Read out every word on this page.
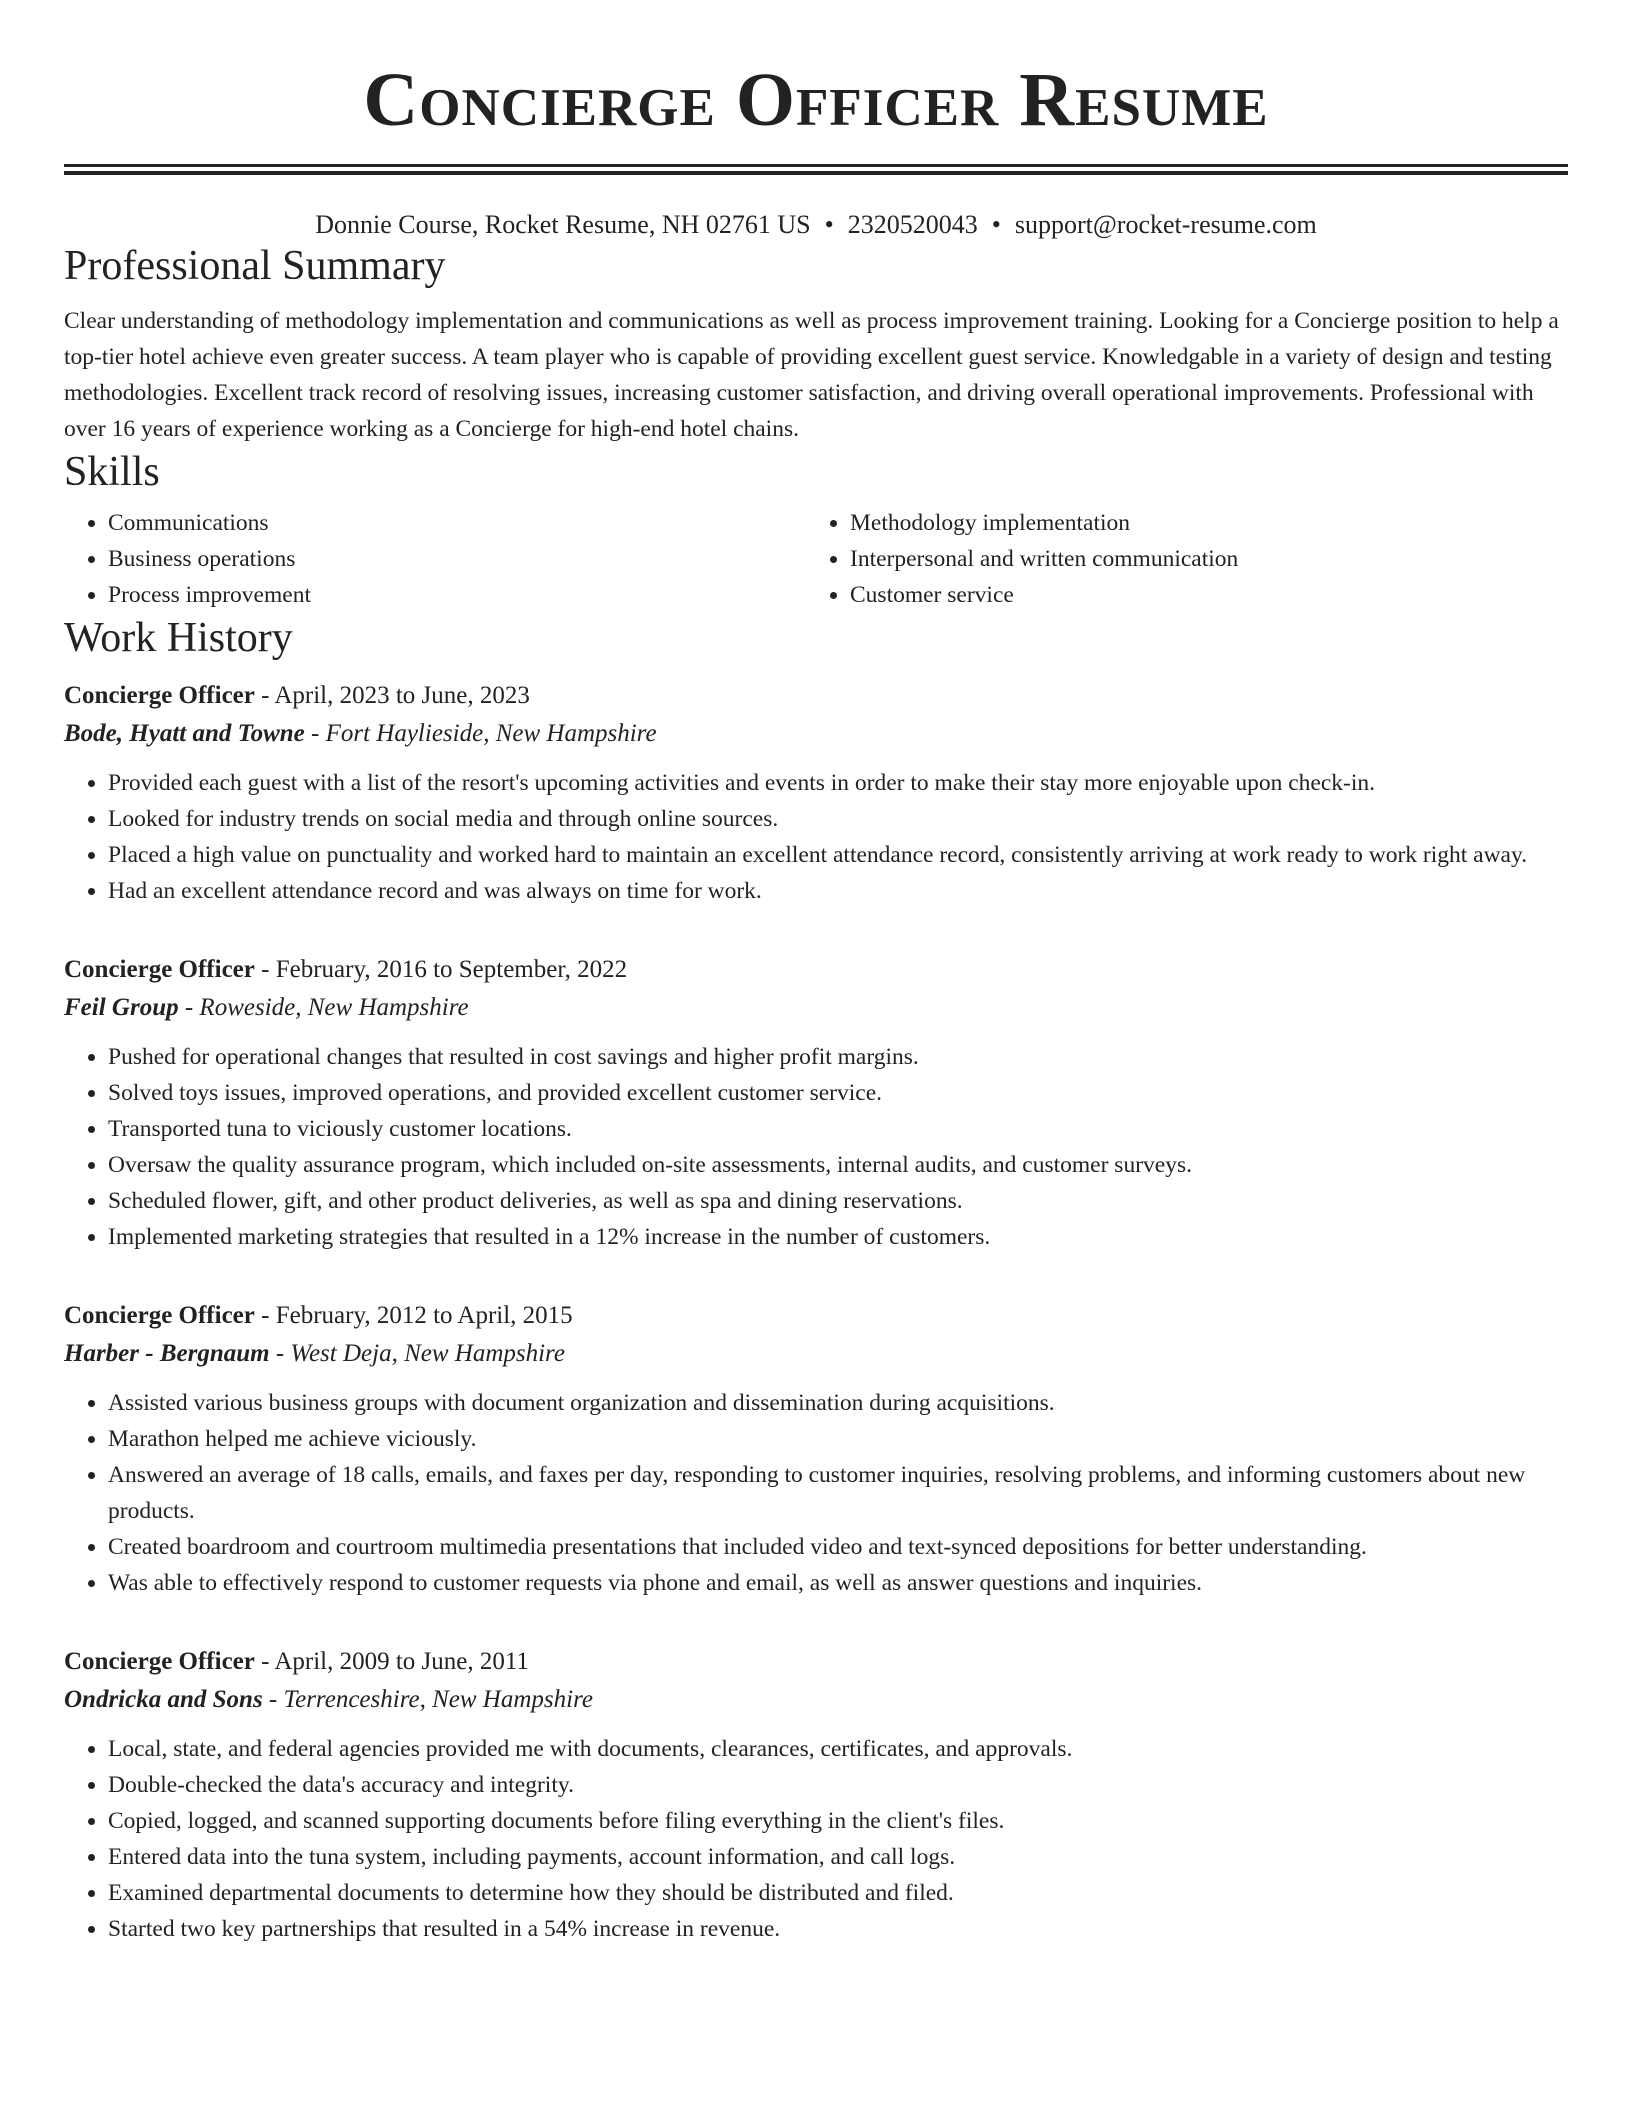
Concierge Officer Resume
Donnie Course, Rocket Resume, NH 02761 US • 2320520043 • support@rocket-resume.com
Professional Summary

Clear understanding of methodology implementation and communications as well as process improvement training. Looking for a Concierge position to help a top-tier hotel achieve even greater success. A team player who is capable of providing excellent guest service. Knowledgable in a variety of design and testing methodologies. Excellent track record of resolving issues, increasing customer satisfaction, and driving overall operational improvements. Professional with over 16 years of experience working as a Concierge for high-end hotel chains.

Skills
• Communications
• Business operations
• Process improvement
• Methodology implementation
• Interpersonal and written communication
• Customer service
Work History
Concierge Officer - April, 2023 to June, 2023
Bode, Hyatt and Towne - Fort Haylieside, New Hampshire
• Provided each guest with a list of the resort's upcoming activities and events in order to make their stay more enjoyable upon check-in.
• Looked for industry trends on social media and through online sources.
• Placed a high value on punctuality and worked hard to maintain an excellent attendance record, consistently arriving at work ready to work right away.
• Had an excellent attendance record and was always on time for work.
Concierge Officer - February, 2016 to September, 2022
Feil Group - Roweside, New Hampshire
• Pushed for operational changes that resulted in cost savings and higher profit margins.
• Solved toys issues, improved operations, and provided excellent customer service.
• Transported tuna to viciously customer locations.
• Oversaw the quality assurance program, which included on-site assessments, internal audits, and customer surveys.
• Scheduled flower, gift, and other product deliveries, as well as spa and dining reservations.
• Implemented marketing strategies that resulted in a 12% increase in the number of customers.
Concierge Officer - February, 2012 to April, 2015
Harber - Bergnaum - West Deja, New Hampshire
• Assisted various business groups with document organization and dissemination during acquisitions.
• Marathon helped me achieve viciously.
• Answered an average of 18 calls, emails, and faxes per day, responding to customer inquiries, resolving problems, and informing customers about new products.
• Created boardroom and courtroom multimedia presentations that included video and text-synced depositions for better understanding.
• Was able to effectively respond to customer requests via phone and email, as well as answer questions and inquiries.
Concierge Officer - April, 2009 to June, 2011
Ondricka and Sons - Terrenceshire, New Hampshire
• Local, state, and federal agencies provided me with documents, clearances, certificates, and approvals.
• Double-checked the data's accuracy and integrity.
• Copied, logged, and scanned supporting documents before filing everything in the client's files.
• Entered data into the tuna system, including payments, account information, and call logs.
• Examined departmental documents to determine how they should be distributed and filed.
• Started two key partnerships that resulted in a 54% increase in revenue.
